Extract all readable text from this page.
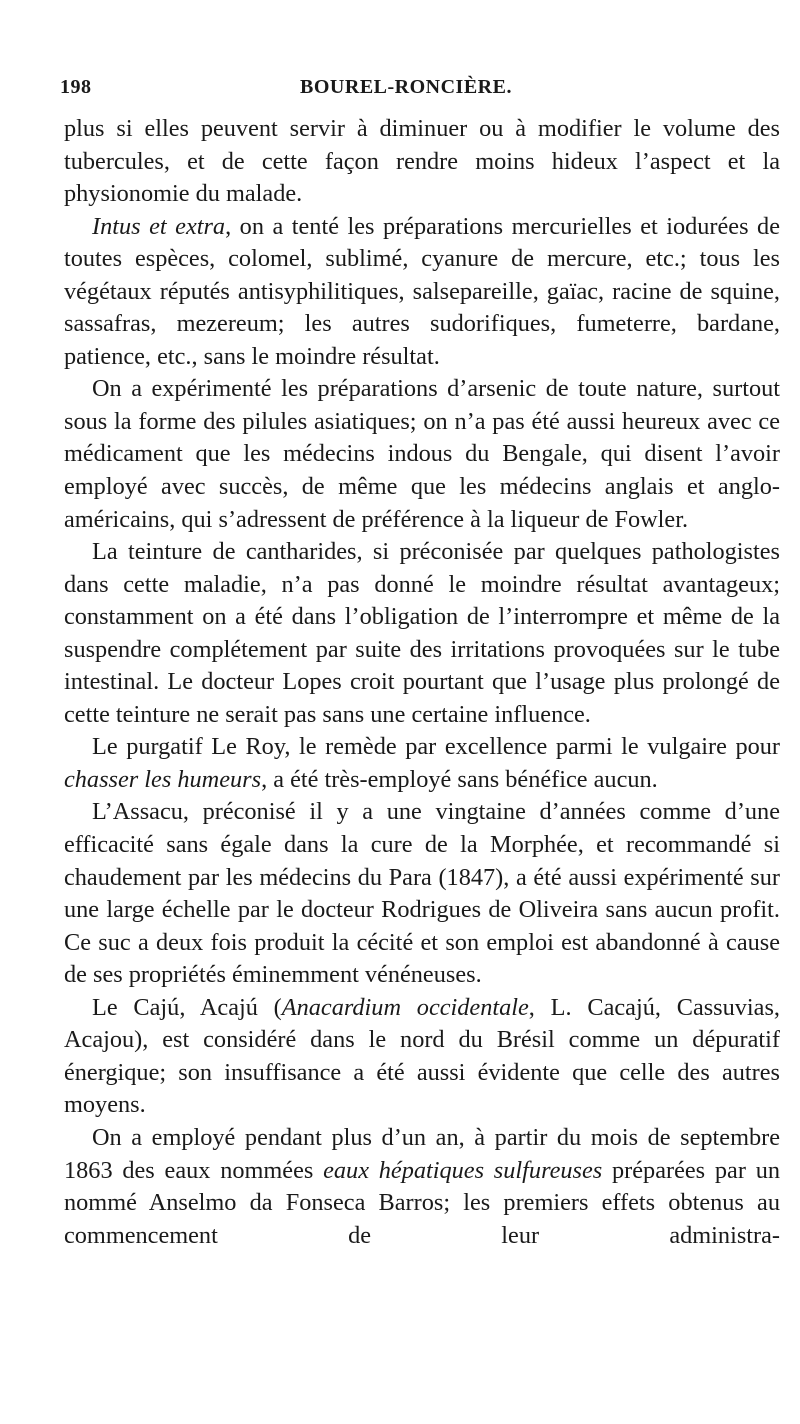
198	BOUREL-RONCIÈRE.

plus si elles peuvent servir à diminuer ou à modifier le volume des tubercules, et de cette façon rendre moins hideux l’aspect et la physionomie du malade.

Intus et extra, on a tenté les préparations mercurielles et iodurées de toutes espèces, colomel, sublimé, cyanure de mercure, etc.; tous les végétaux réputés antisyphilitiques, salsepareille, gaïac, racine de squine, sassafras, mezereum; les autres sudorifiques, fumeterre, bardane, patience, etc., sans le moindre résultat.

On a expérimenté les préparations d’arsenic de toute nature, surtout sous la forme des pilules asiatiques; on n’a pas été aussi heureux avec ce médicament que les médecins indous du Bengale, qui disent l’avoir employé avec succès, de même que les médecins anglais et anglo-américains, qui s’adressent de préférence à la liqueur de Fowler.

La teinture de cantharides, si préconisée par quelques pathologistes dans cette maladie, n’a pas donné le moindre résultat avantageux; constamment on a été dans l’obligation de l’interrompre et même de la suspendre complétement par suite des irritations provoquées sur le tube intestinal. Le docteur Lopes croit pourtant que l’usage plus prolongé de cette teinture ne serait pas sans une certaine influence.

Le purgatif Le Roy, le remède par excellence parmi le vulgaire pour chasser les humeurs, a été très-employé sans bénéfice aucun.

L’Assacu, préconisé il y a une vingtaine d’années comme d’une efficacité sans égale dans la cure de la Morphée, et recommandé si chaudement par les médecins du Para (1847), a été aussi expérimenté sur une large échelle par le docteur Rodrigues de Oliveira sans aucun profit. Ce suc a deux fois produit la cécité et son emploi est abandonné à cause de ses propriétés éminemment vénéneuses.

Le Cajú, Acajú (Anacardium occidentale, L. Cacajú, Cassuvias, Acajou), est considéré dans le nord du Brésil comme un dépuratif énergique; son insuffisance a été aussi évidente que celle des autres moyens.

On a employé pendant plus d’un an, à partir du mois de septembre 1863 des eaux nommées eaux hépatiques sulfureuses préparées par un nommé Anselmo da Fonseca Barros; les premiers effets obtenus au commencement de leur administra-
